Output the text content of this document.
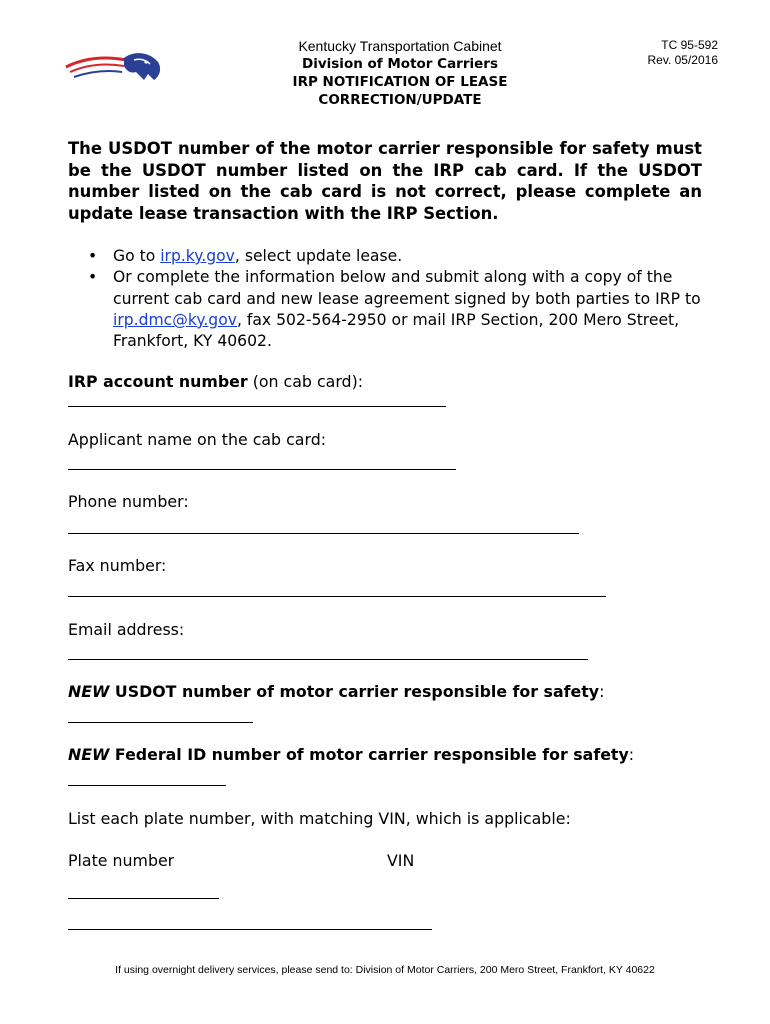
Kentucky Transportation Cabinet
Division of Motor Carriers
IRP NOTIFICATION OF LEASE
CORRECTION/UPDATE
TC 95-592
Rev. 05/2016
The USDOT number of the motor carrier responsible for safety must be the USDOT number listed on the IRP cab card. If the USDOT number listed on the cab card is not correct, please complete an update lease transaction with the IRP Section.
• Go to irp.ky.gov, select update lease.
• Or complete the information below and submit along with a copy of the current cab card and new lease agreement signed by both parties to IRP to irp.dmc@ky.gov, fax 502-564-2950 or mail IRP Section, 200 Mero Street, Frankfort, KY 40602.
IRP account number (on cab card):
Applicant name on the cab card:
Phone number:
Fax number:
Email address:
NEW USDOT number of motor carrier responsible for safety:
NEW Federal ID number of motor carrier responsible for safety:
List each plate number, with matching VIN, which is applicable:
Plate number	VIN
If using overnight delivery services, please send to: Division of Motor Carriers, 200 Mero Street, Frankfort, KY 40622
